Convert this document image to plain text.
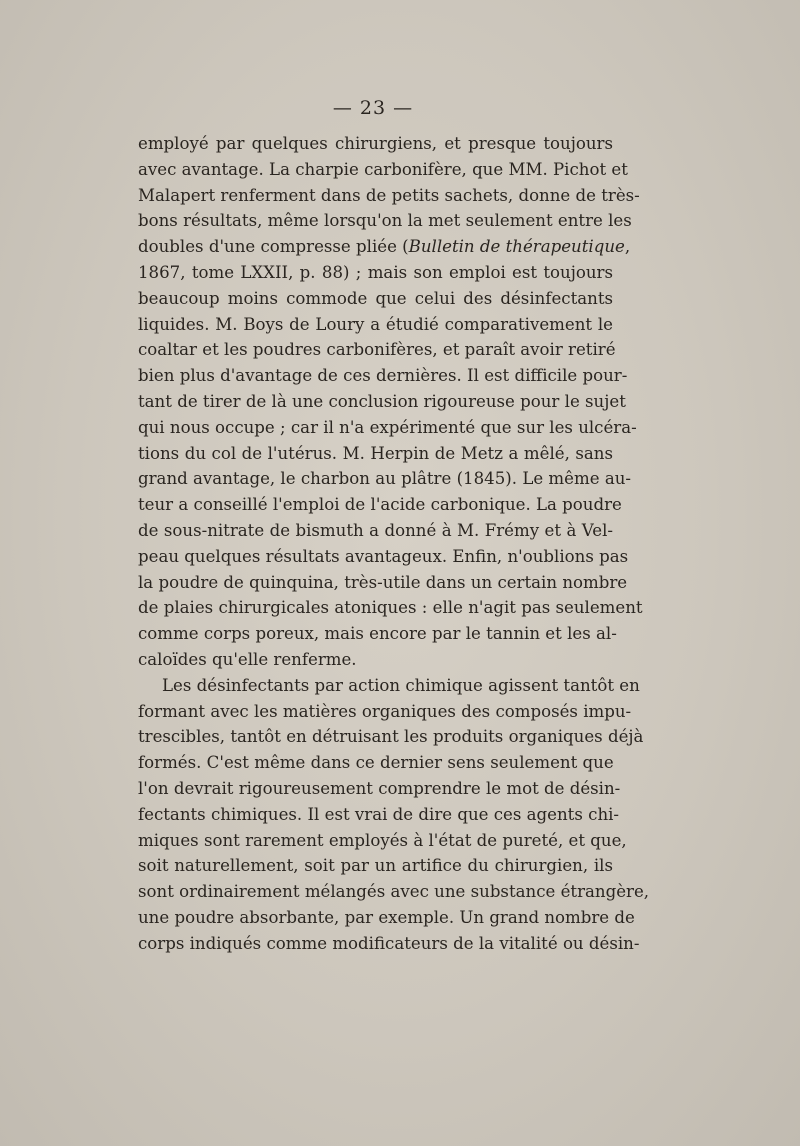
— 23 —
employé par quelques chirurgiens, et presque toujours
avec avantage. La charpie carbonifère, que MM. Pichot et
Malapert renferment dans de petits sachets, donne de très-
bons résultats, même lorsqu'on la met seulement entre les
doubles d'une compresse pliée (Bulletin de thérapeutique,
1867, tome LXXII, p. 88) ; mais son emploi est toujours
beaucoup moins commode que celui des désinfectants
liquides. M. Boys de Loury a étudié comparativement le
coaltar et les poudres carbonifères, et paraît avoir retiré
bien plus d'avantage de ces dernières. Il est difficile pour-
tant de tirer de là une conclusion rigoureuse pour le sujet
qui nous occupe ; car il n'a expérimenté que sur les ulcéra-
tions du col de l'utérus. M. Herpin de Metz a mêlé, sans
grand avantage, le charbon au plâtre (1845). Le même au-
teur a conseillé l'emploi de l'acide carbonique. La poudre
de sous-nitrate de bismuth a donné à M. Frémy et à Vel-
peau quelques résultats avantageux. Enfin, n'oublions pas
la poudre de quinquina, très-utile dans un certain nombre
de plaies chirurgicales atoniques : elle n'agit pas seulement
comme corps poreux, mais encore par le tannin et les al-
caloïdes qu'elle renferme.
Les désinfectants par action chimique agissent tantôt en
formant avec les matières organiques des composés impu-
trescibles, tantôt en détruisant les produits organiques déjà
formés. C'est même dans ce dernier sens seulement que
l'on devrait rigoureusement comprendre le mot de désin-
fectants chimiques. Il est vrai de dire que ces agents chi-
miques sont rarement employés à l'état de pureté, et que,
soit naturellement, soit par un artifice du chirurgien, ils
sont ordinairement mélangés avec une substance étrangère,
une poudre absorbante, par exemple. Un grand nombre de
corps indiqués comme modificateurs de la vitalité ou désin-
